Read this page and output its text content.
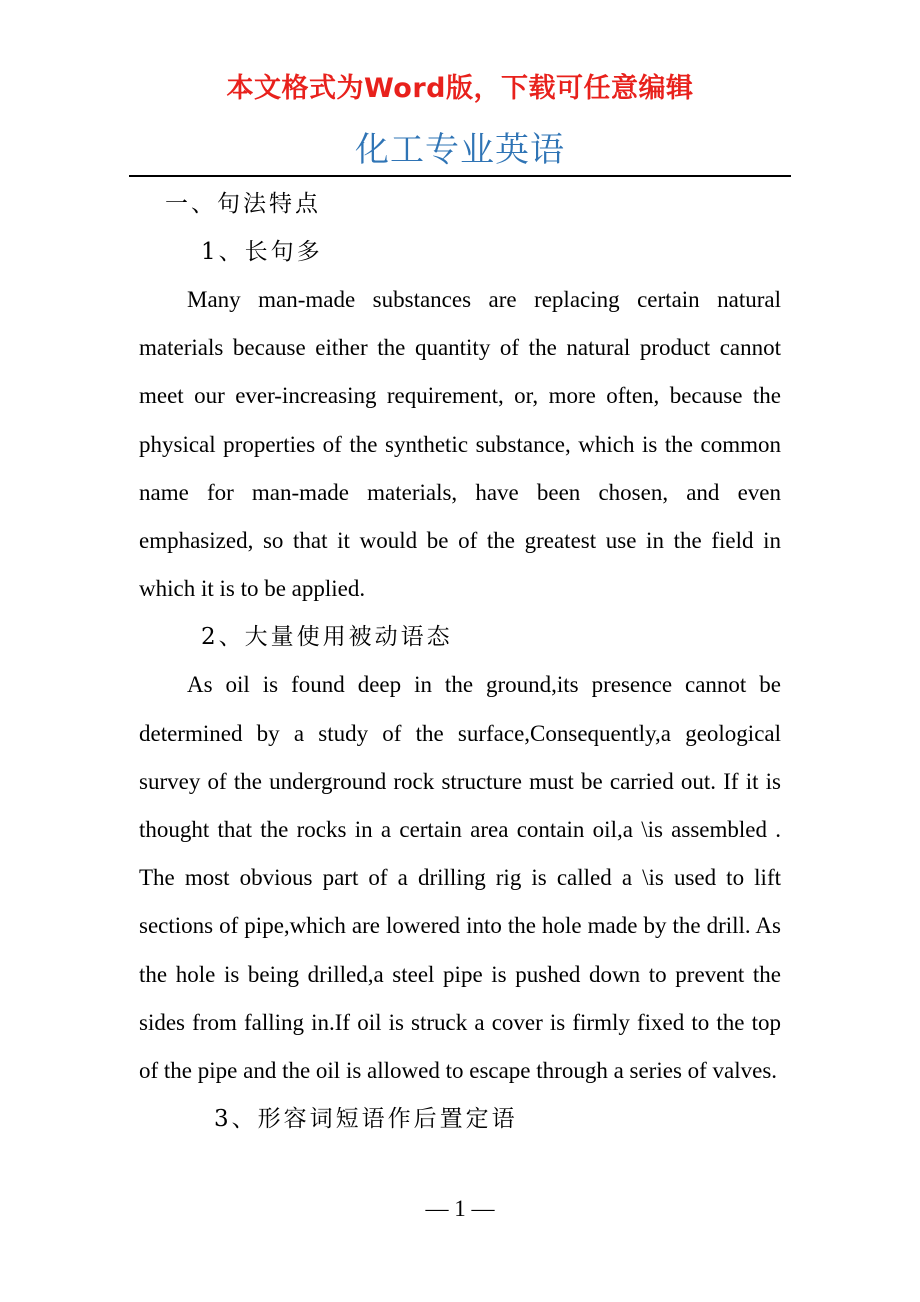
本文格式为Word版，下载可任意编辑
化工专业英语
一、句法特点
1、长句多

Many man-made substances are replacing certain natural materials because either the quantity of the natural product cannot meet our ever-increasing requirement, or, more often, because the physical properties of the synthetic substance, which is the common name for man-made materials, have been chosen, and even emphasized, so that it would be of the greatest use in the field in which it is to be applied.

2、大量使用被动语态

As oil is found deep in the ground,its presence cannot be determined by a study of the surface,Consequently,a geological survey of the underground rock structure must be carried out. If it is thought that the rocks in a certain area contain oil,a \is assembled . The most obvious part of a drilling rig is called a \is used to lift sections of pipe,which are lowered into the hole made by the drill. As the hole is being drilled,a steel pipe is pushed down to prevent the sides from falling in.If oil is struck a cover is firmly fixed to the top of the pipe and the oil is allowed to escape through a series of valves.

3、形容词短语作后置定语
— 1 —
